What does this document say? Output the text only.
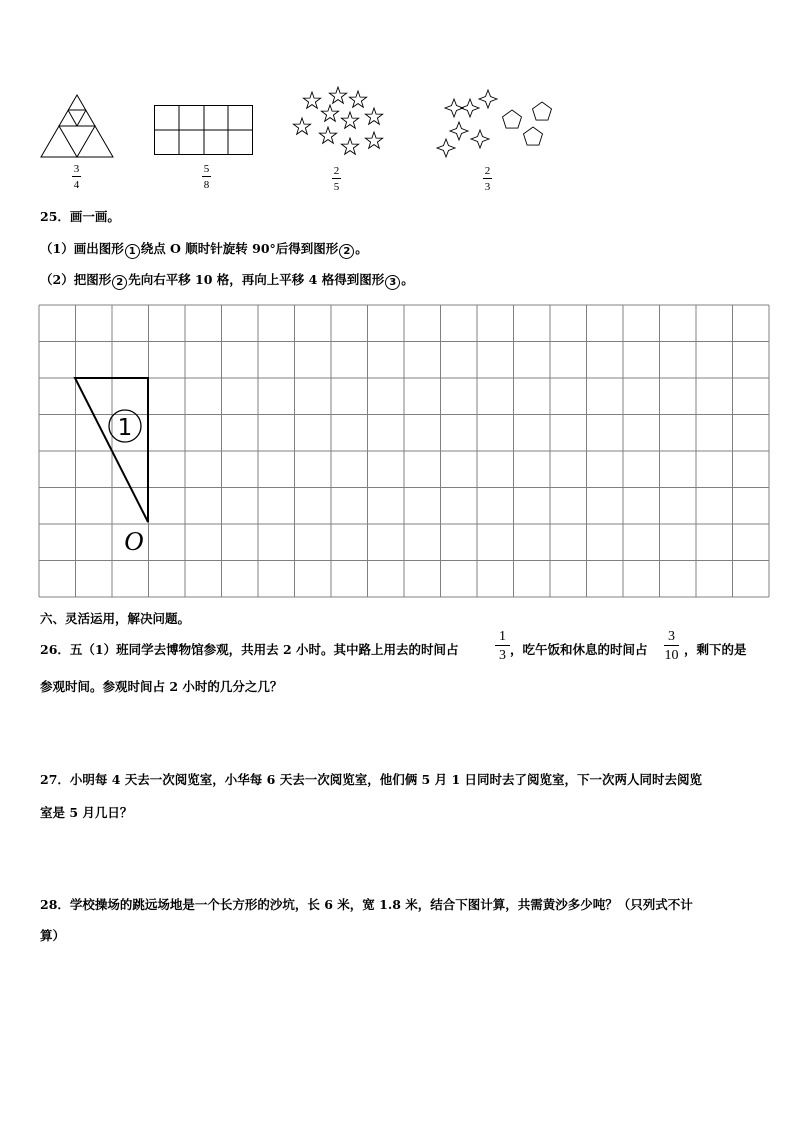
3
4
5
8
2
5
2
3
25．画一画。
（1）画出图形 1 绕点 O 顺时针旋转 90°后得到图形 2 。
（2）把图形 2 先向右平移 10 格，再向上平移 4 格得到图形 3 。
1
O
六、灵活运用，解决问题。
26．五（1）班同学去博物馆参观，共用去 2 小时。其中路上用去的时间占
1
3 ，吃午饭和休息的时间占
3
10 ，剩下的是
参观时间。参观时间占 2 小时的几分之几？
27．小明每 4 天去一次阅览室，小华每 6 天去一次阅览室，他们俩 5 月 1 日同时去了阅览室，下一次两人同时去阅览
室是 5 月几日？
28．学校操场的跳远场地是一个长方形的沙坑，长 6 米，宽 1.8 米，结合下图计算，共需黄沙多少吨？（只列式不计
算）
